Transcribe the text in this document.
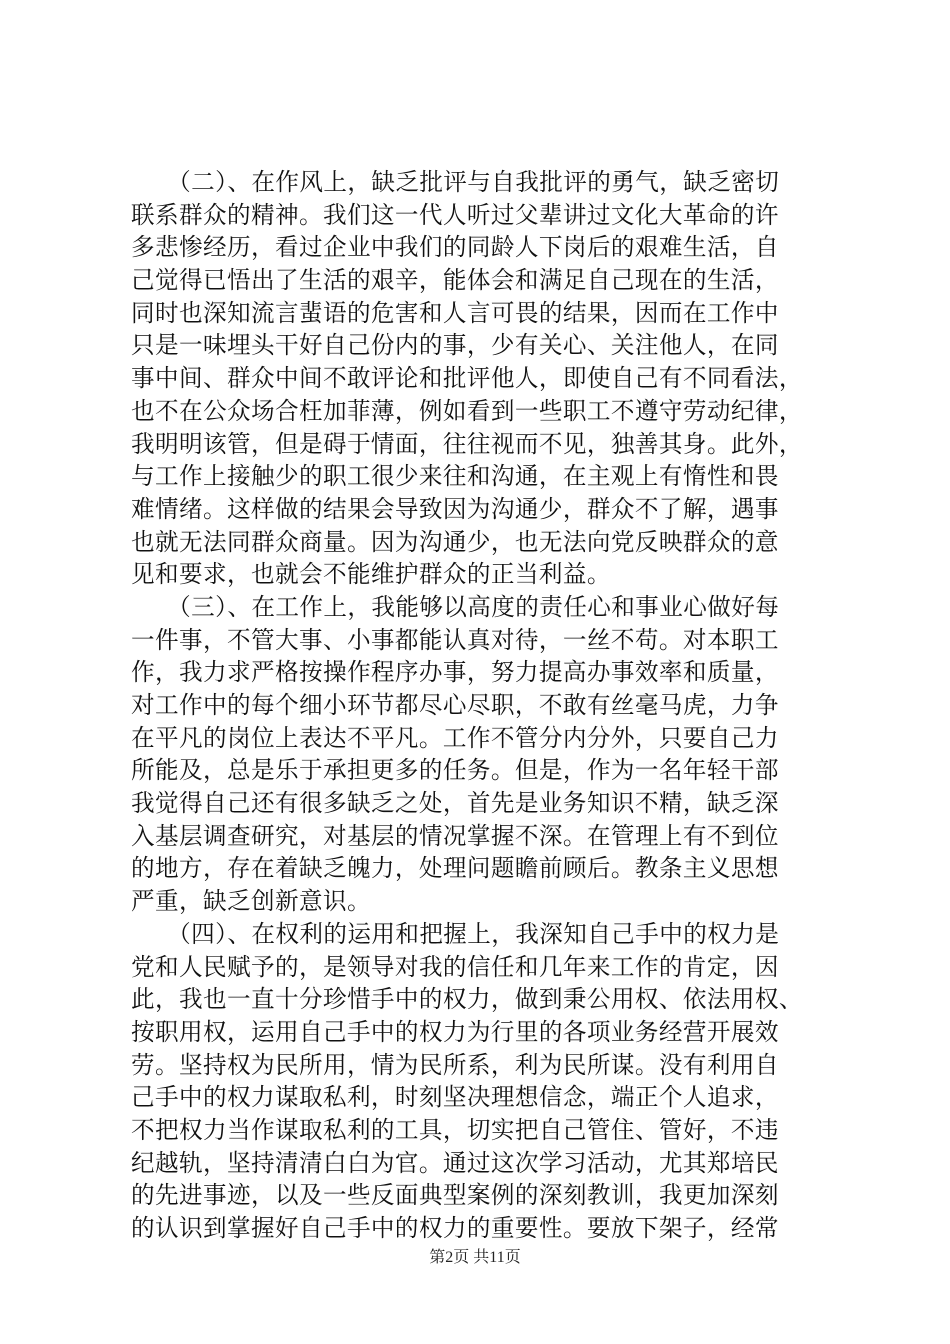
　　（二）、在作风上，缺乏批评与自我批评的勇气，缺乏密切
联系群众的精神。我们这一代人听过父辈讲过文化大革命的许
多悲惨经历，看过企业中我们的同龄人下岗后的艰难生活，自
己觉得已悟出了生活的艰辛，能体会和满足自己现在的生活，
同时也深知流言蜚语的危害和人言可畏的结果，因而在工作中
只是一味埋头干好自己份内的事，少有关心、关注他人，在同
事中间、群众中间不敢评论和批评他人，即使自己有不同看法，
也不在公众场合枉加菲薄，例如看到一些职工不遵守劳动纪律，
我明明该管，但是碍于情面，往往视而不见，独善其身。此外，
与工作上接触少的职工很少来往和沟通，在主观上有惰性和畏
难情绪。这样做的结果会导致因为沟通少，群众不了解，遇事
也就无法同群众商量。因为沟通少，也无法向党反映群众的意
见和要求，也就会不能维护群众的正当利益。
　　（三）、在工作上，我能够以高度的责任心和事业心做好每
一件事，不管大事、小事都能认真对待，一丝不苟。对本职工
作，我力求严格按操作程序办事，努力提高办事效率和质量，
对工作中的每个细小环节都尽心尽职，不敢有丝毫马虎，力争
在平凡的岗位上表达不平凡。工作不管分内分外，只要自己力
所能及，总是乐于承担更多的任务。但是，作为一名年轻干部
我觉得自己还有很多缺乏之处，首先是业务知识不精，缺乏深
入基层调查研究，对基层的情况掌握不深。在管理上有不到位
的地方，存在着缺乏魄力，处理问题瞻前顾后。教条主义思想
严重，缺乏创新意识。
　　（四）、在权利的运用和把握上，我深知自己手中的权力是
党和人民赋予的，是领导对我的信任和几年来工作的肯定，因
此，我也一直十分珍惜手中的权力，做到秉公用权、依法用权、
按职用权，运用自己手中的权力为行里的各项业务经营开展效
劳。坚持权为民所用，情为民所系，利为民所谋。没有利用自
己手中的权力谋取私利，时刻坚决理想信念，端正个人追求，
不把权力当作谋取私利的工具，切实把自己管住、管好，不违
纪越轨，坚持清清白白为官。通过这次学习活动，尤其郑培民
的先进事迹，以及一些反面典型案例的深刻教训，我更加深刻
的认识到掌握好自己手中的权力的重要性。要放下架子，经常
第2页 共11页
